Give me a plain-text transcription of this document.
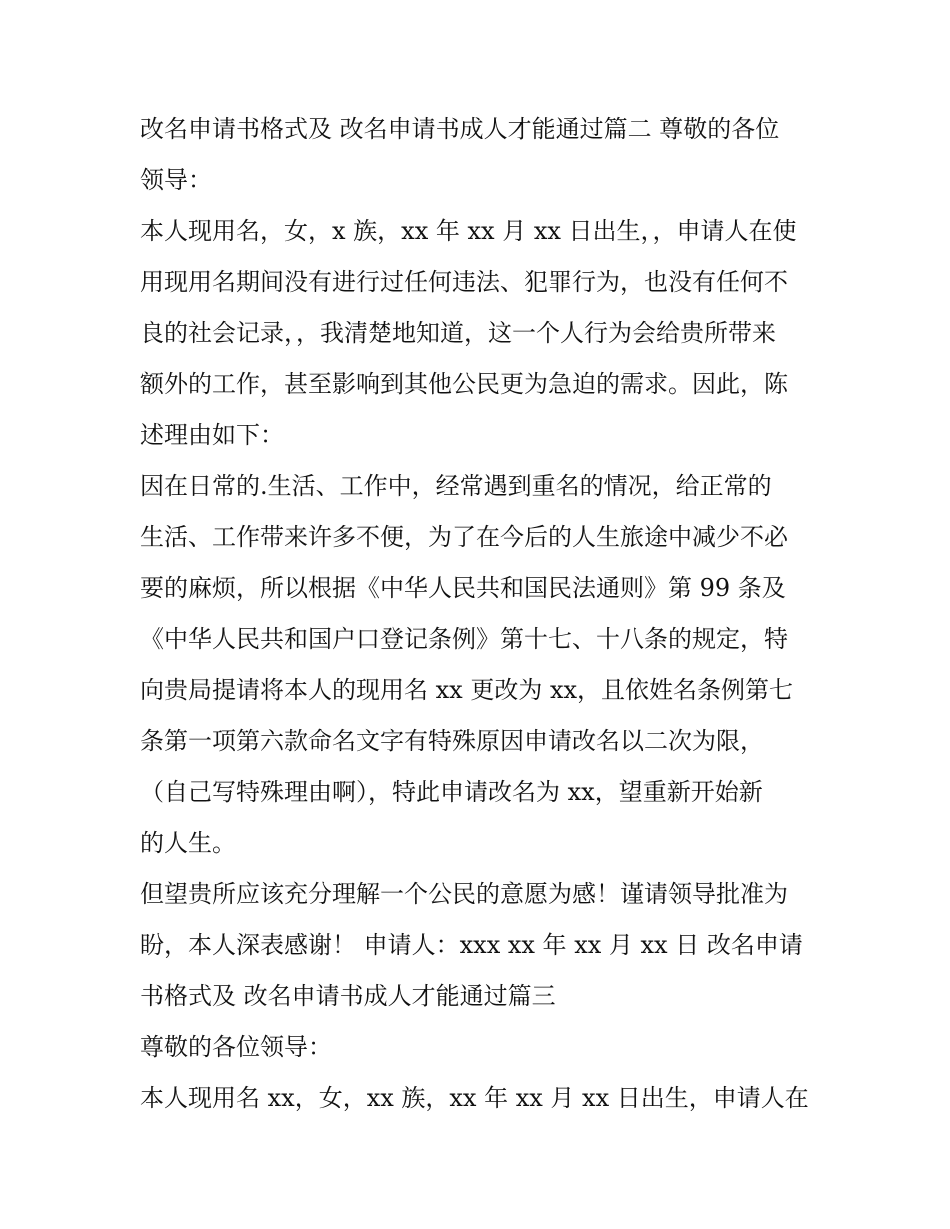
改名申请书格式及 改名申请书成人才能通过篇二 尊敬的各位
领导：
本人现用名，女，x 族，xx 年 xx 月 xx 日出生，，申请人在使
用现用名期间没有进行过任何违法、犯罪行为，也没有任何不
良的社会记录，，我清楚地知道，这一个人行为会给贵所带来
额外的工作，甚至影响到其他公民更为急迫的需求。因此，陈
述理由如下：
因在日常的.生活、工作中，经常遇到重名的情况，给正常的
生活、工作带来许多不便，为了在今后的人生旅途中减少不必
要的麻烦，所以根据《中华人民共和国民法通则》第 99 条及
《中华人民共和国户口登记条例》第十七、十八条的规定，特
向贵局提请将本人的现用名 xx 更改为 xx，且依姓名条例第七
条第一项第六款命名文字有特殊原因申请改名以二次为限，
（自己写特殊理由啊），特此申请改名为 xx，望重新开始新
的人生。
但望贵所应该充分理解一个公民的意愿为感！谨请领导批准为
盼，本人深表感谢！ 申请人：xxx xx 年 xx 月 xx 日 改名申请
书格式及 改名申请书成人才能通过篇三
尊敬的各位领导：
本人现用名 xx，女，xx 族，xx 年 xx 月 xx 日出生，申请人在
